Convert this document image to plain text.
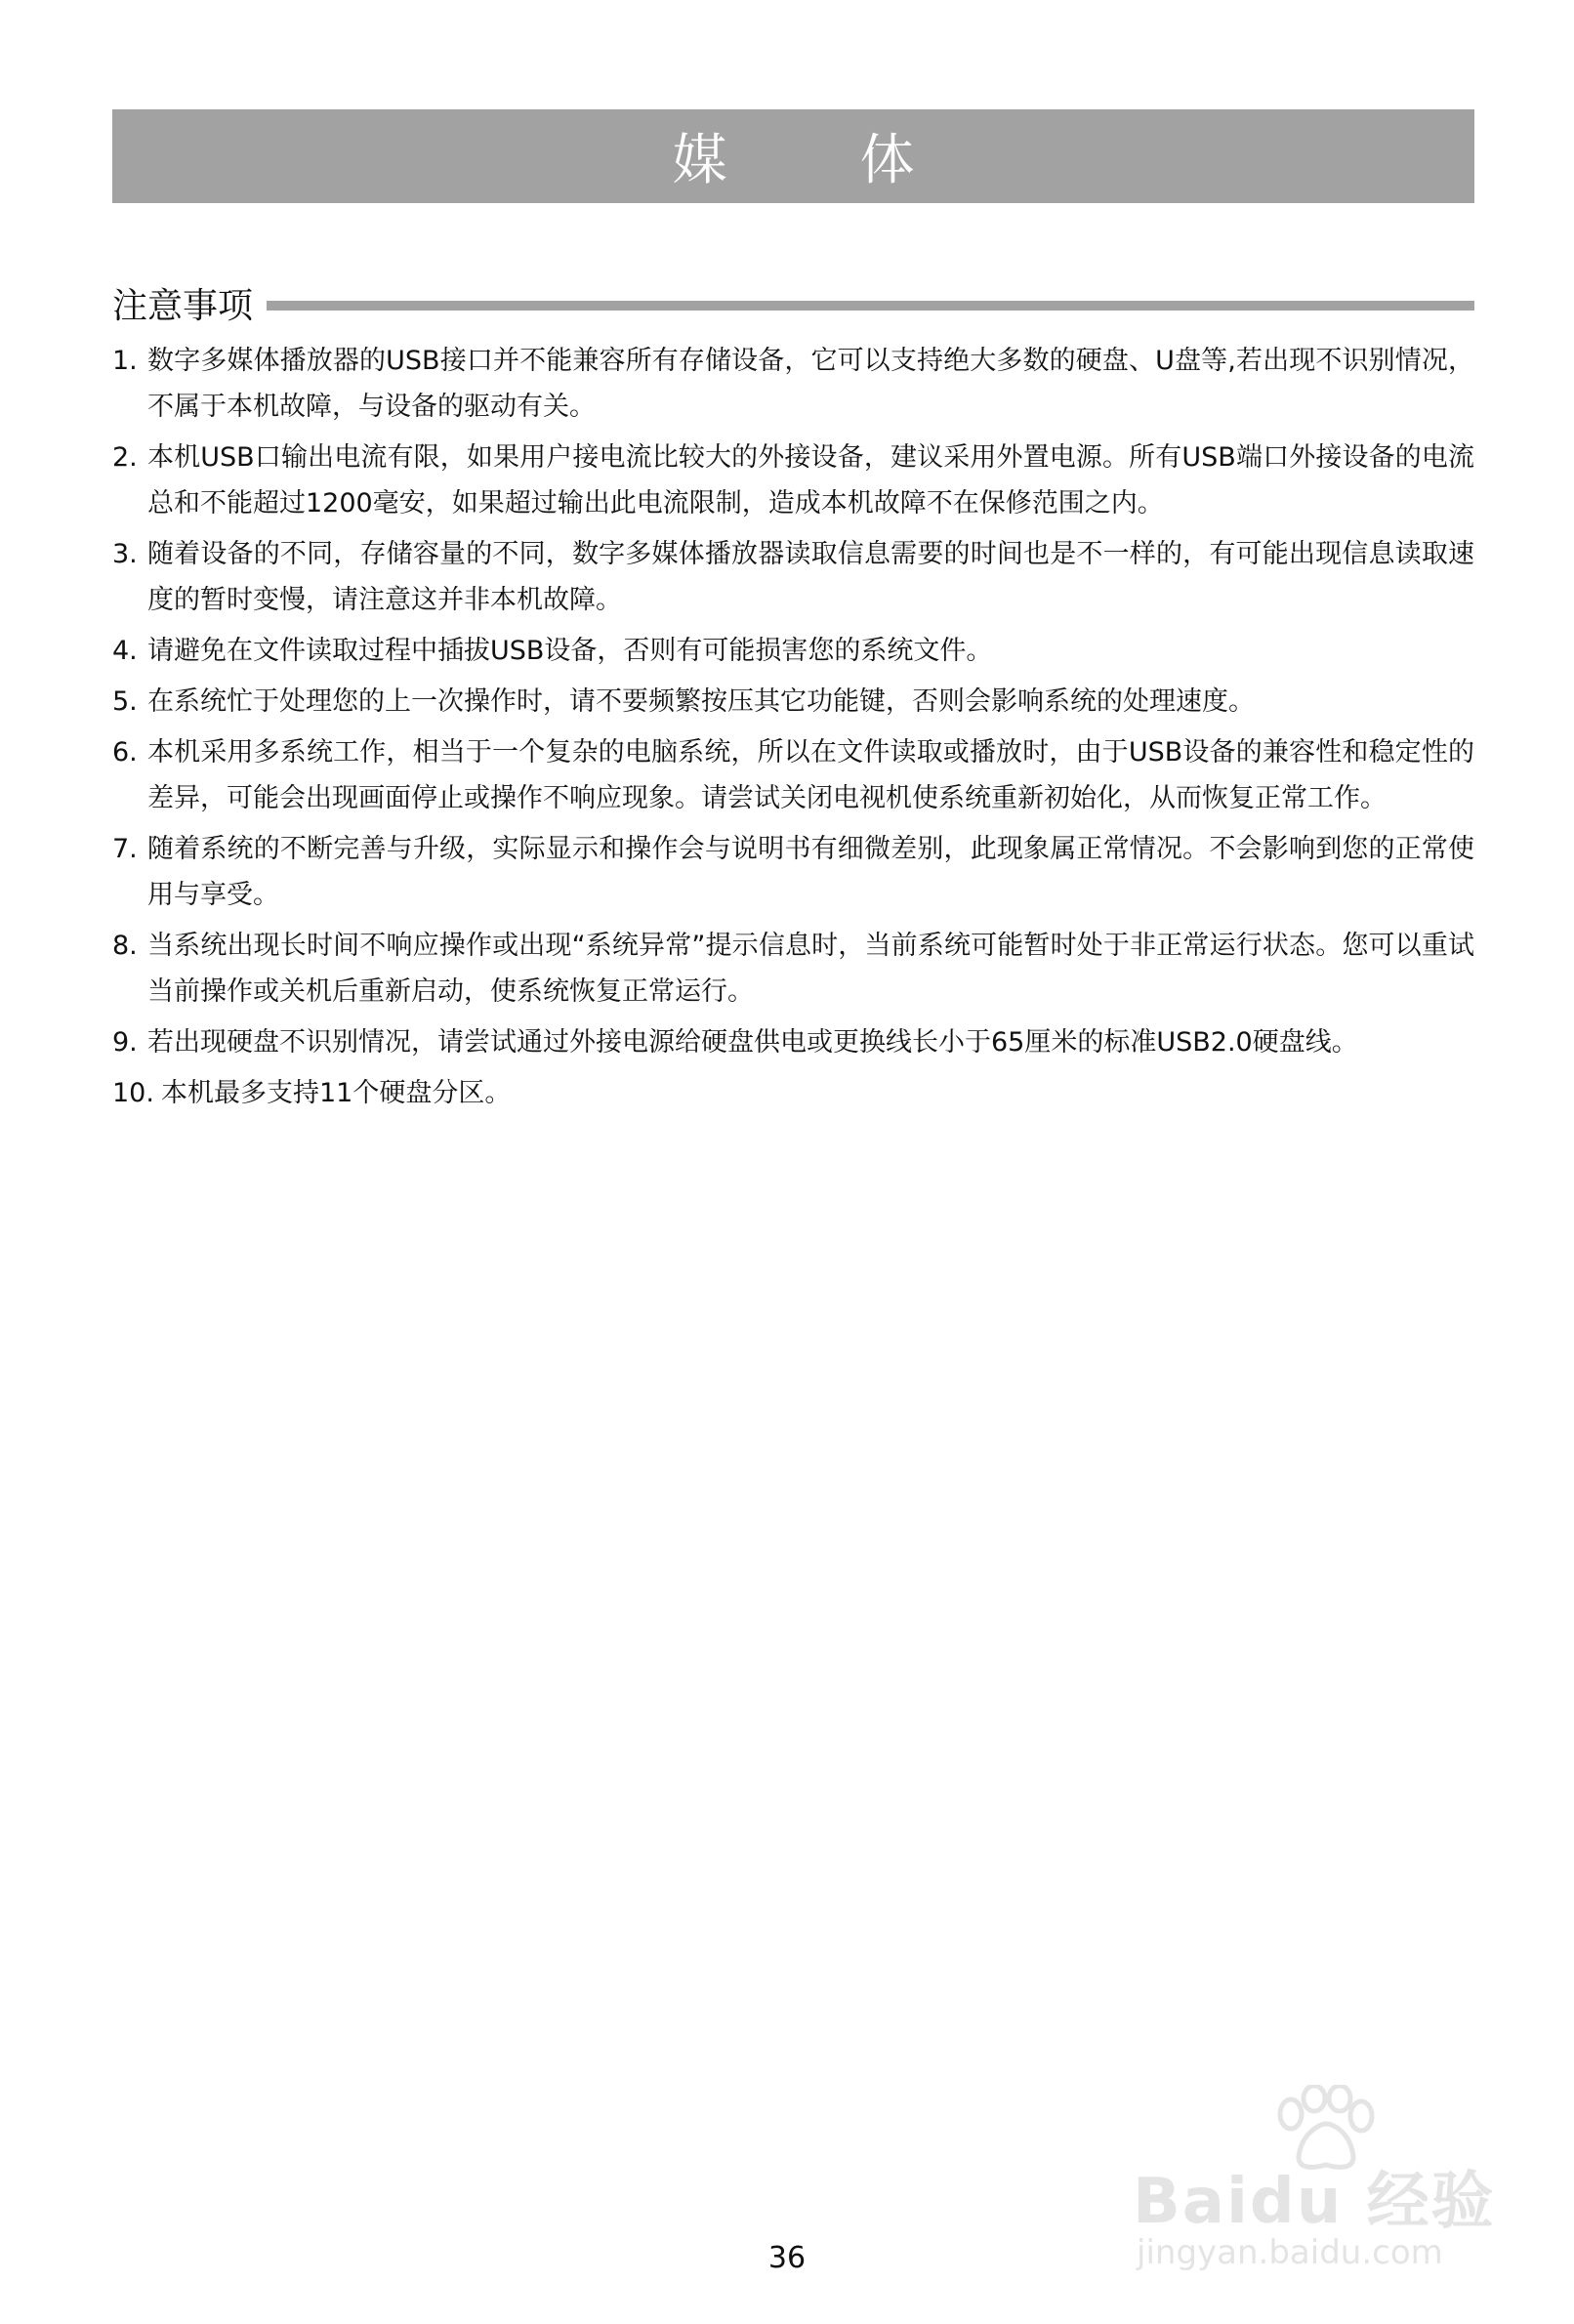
媒　体
注意事项
1. 数字多媒体播放器的USB接口并不能兼容所有存储设备，它可以支持绝大多数的硬盘、U盘等,若出现不识别情况，不属于本机故障，与设备的驱动有关。
2. 本机USB口输出电流有限，如果用户接电流比较大的外接设备，建议采用外置电源。所有USB端口外接设备的电流总和不能超过1200毫安，如果超过输出此电流限制，造成本机故障不在保修范围之内。
3. 随着设备的不同，存储容量的不同，数字多媒体播放器读取信息需要的时间也是不一样的，有可能出现信息读取速度的暂时变慢，请注意这并非本机故障。
4. 请避免在文件读取过程中插拔USB设备，否则有可能损害您的系统文件。
5. 在系统忙于处理您的上一次操作时，请不要频繁按压其它功能键，否则会影响系统的处理速度。
6. 本机采用多系统工作，相当于一个复杂的电脑系统，所以在文件读取或播放时，由于USB设备的兼容性和稳定性的差异，可能会出现画面停止或操作不响应现象。请尝试关闭电视机使系统重新初始化，从而恢复正常工作。
7. 随着系统的不断完善与升级，实际显示和操作会与说明书有细微差别，此现象属正常情况。不会影响到您的正常使用与享受。
8. 当系统出现长时间不响应操作或出现“系统异常”提示信息时，当前系统可能暂时处于非正常运行状态。您可以重试当前操作或关机后重新启动，使系统恢复正常运行。
9. 若出现硬盘不识别情况，请尝试通过外接电源给硬盘供电或更换线长小于65厘米的标准USB2.0硬盘线。
10. 本机最多支持11个硬盘分区。
Baidu 经验
jingyan.baidu.com
36
